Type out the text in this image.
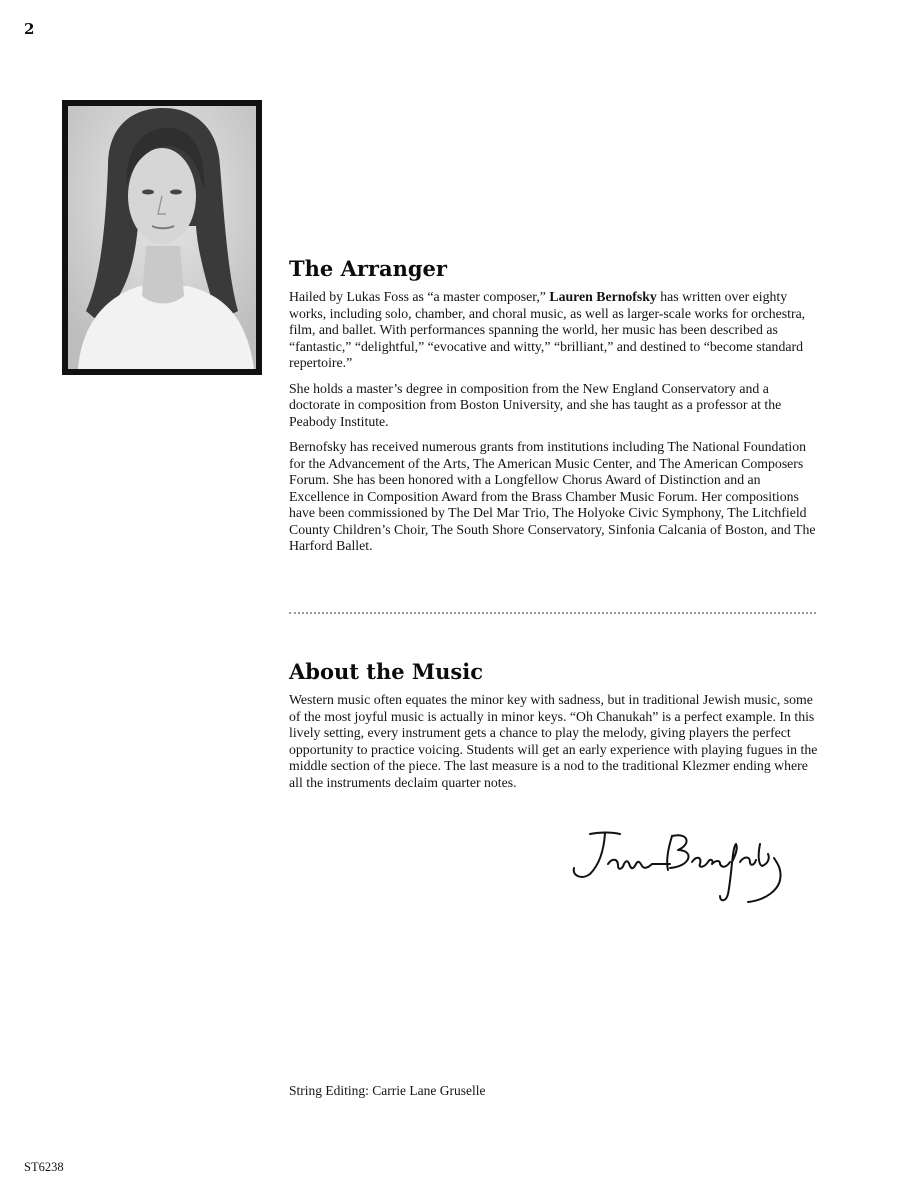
2
The Arranger

Hailed by Lukas Foss as “a master composer,” Lauren Bernofsky has written over eighty works, including solo, chamber, and choral music, as well as larger-scale works for orchestra, film, and ballet. With performances spanning the world, her music has been described as “fantastic,” “delightful,” “evocative and witty,” “brilliant,” and destined to “become standard repertoire.”

She holds a master’s degree in composition from the New England Conservatory and a doctorate in composition from Boston University, and she has taught as a professor at the Peabody Institute.

Bernofsky has received numerous grants from institutions including The National Foundation for the Advancement of the Arts, The American Music Center, and The American Composers Forum. She has been honored with a Longfellow Chorus Award of Distinction and an Excellence in Composition Award from the Brass Chamber Music Forum. Her compositions have been commissioned by The Del Mar Trio, The Holyoke Civic Symphony, The Litchfield County Children’s Choir, The South Shore Conservatory, Sinfonia Calcania of Boston, and The Harford Ballet.

About the Music

Western music often equates the minor key with sadness, but in traditional Jewish music, some of the most joyful music is actually in minor keys. “Oh Chanukah” is a perfect example. In this lively setting, every instrument gets a chance to play the melody, giving players the perfect opportunity to practice voicing. Students will get an early experience with playing fugues in the middle section of the piece. The last measure is a nod to the traditional Klezmer ending where all the instruments declaim quarter notes.

String Editing: Carrie Lane Gruselle
ST6238
